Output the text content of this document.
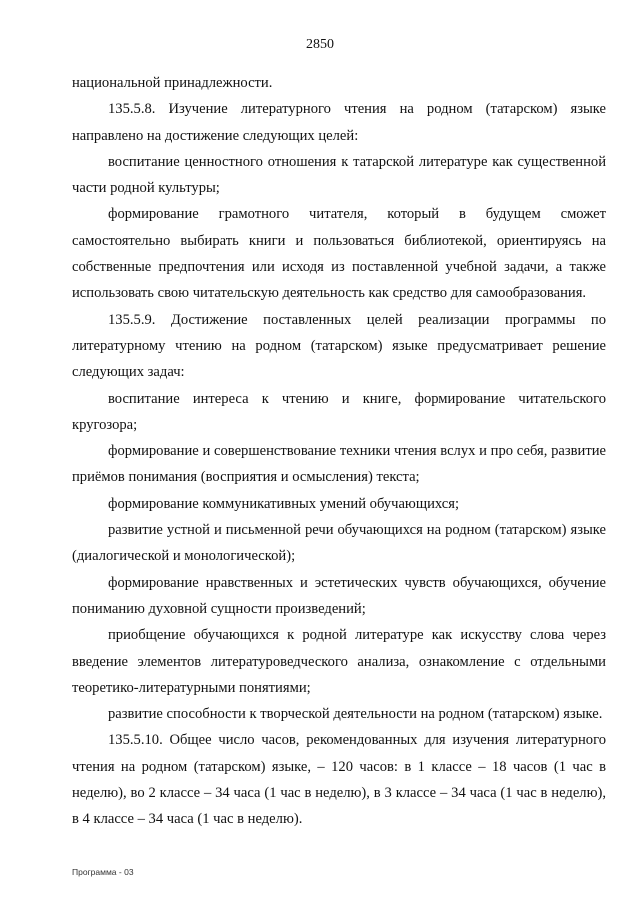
2850

национальной принадлежности.

135.5.8. Изучение литературного чтения на родном (татарском) языке направлено на достижение следующих целей:

воспитание ценностного отношения к татарской литературе как существенной части родной культуры;

формирование грамотного читателя, который в будущем сможет самостоятельно выбирать книги и пользоваться библиотекой, ориентируясь на собственные предпочтения или исходя из поставленной учебной задачи, а также использовать свою читательскую деятельность как средство для самообразования.

135.5.9. Достижение поставленных целей реализации программы по литературному чтению на родном (татарском) языке предусматривает решение следующих задач:

воспитание интереса к чтению и книге, формирование читательского кругозора;

формирование и совершенствование техники чтения вслух и про себя, развитие приёмов понимания (восприятия и осмысления) текста;

формирование коммуникативных умений обучающихся;

развитие устной и письменной речи обучающихся на родном (татарском) языке (диалогической и монологической);

формирование нравственных и эстетических чувств обучающихся, обучение пониманию духовной сущности произведений;

приобщение обучающихся к родной литературе как искусству слова через введение элементов литературоведческого анализа, ознакомление с отдельными теоретико-литературными понятиями;

развитие способности к творческой деятельности на родном (татарском) языке.

135.5.10. Общее число часов, рекомендованных для изучения литературного чтения на родном (татарском) языке, – 120 часов: в 1 классе – 18 часов (1 час в неделю), во 2 классе – 34 часа (1 час в неделю), в 3 классе – 34 часа (1 час в неделю), в 4 классе – 34 часа (1 час в неделю).

Программа - 03
